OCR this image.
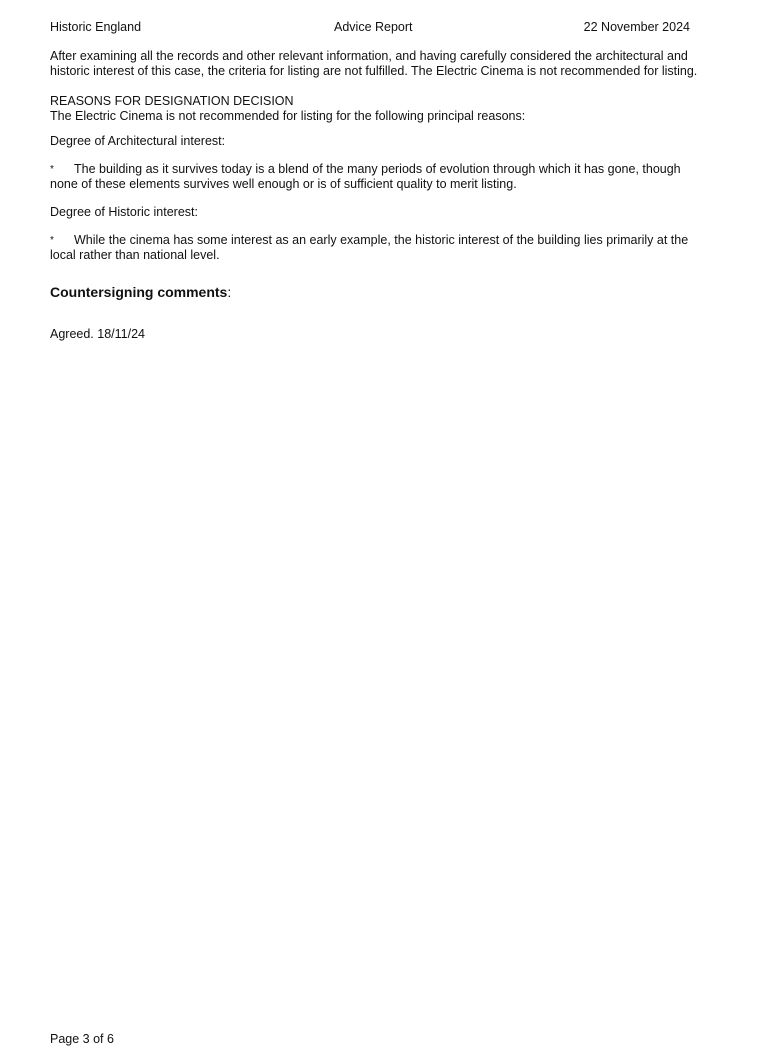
Historic England	Advice Report	22 November 2024

After examining all the records and other relevant information, and having carefully considered the architectural and historic interest of this case, the criteria for listing are not fulfilled. The Electric Cinema is not recommended for listing.

REASONS FOR DESIGNATION DECISION

The Electric Cinema is not recommended for listing for the following principal reasons:

Degree of Architectural interest:

* The building as it survives today is a blend of the many periods of evolution through which it has gone, though none of these elements survives well enough or is of sufficient quality to merit listing.

Degree of Historic interest:

* While the cinema has some interest as an early example, the historic interest of the building lies primarily at the local rather than national level.

Countersigning comments:

Agreed. 18/11/24

Page 3 of 6
